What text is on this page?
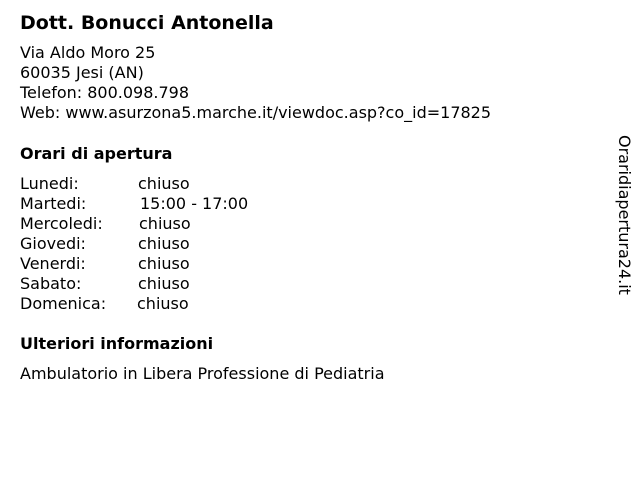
Dott. Bonucci Antonella
Via Aldo Moro 25
60035 Jesi (AN)
Telefon: 800.098.798
Web: www.asurzona5.marche.it/viewdoc.asp?co_id=17825
Orari di apertura
Lunedi:	chiuso
Martedi:	15:00 - 17:00
Mercoledi: chiuso
Giovedi:	chiuso
Venerdi:	chiuso
Sabato:	chiuso
Domenica: chiuso
Ulteriori informazioni
Ambulatorio in Libera Professione di Pediatria
Oraridiapertura24.it
